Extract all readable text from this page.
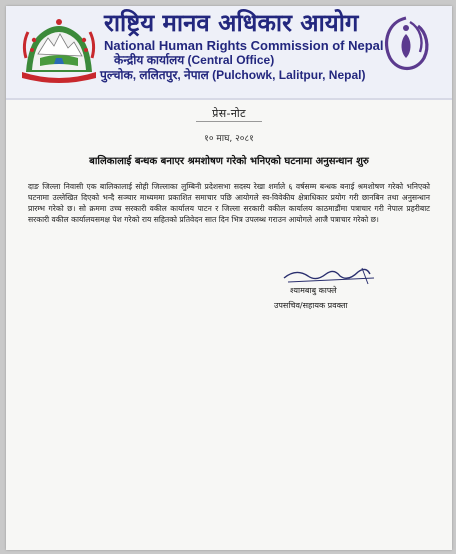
राष्ट्रिय मानव अधिकार आयोग
National Human Rights Commission of Nepal
केन्द्रीय कार्यालय (Central Office)
पुल्चोक, ललितपुर, नेपाल (Pulchowk, Lalitpur, Nepal)
प्रेस-नोट
१० माघ, २०८१
बालिकालाई बन्धक बनाएर श्रमशोषण गरेको भनिएको घटनामा अनुसन्धान शुरु
दाङ जिल्ला निवासी एक बालिकालाई सोही जिल्लाका लुम्बिनी प्रदेशसभा सदस्य रेखा शर्माले ६ वर्षसम्म बन्धक बनाई श्रमशोषण गरेको भनिएको घटनामा उल्लेखित दिएको भन्दै सञ्चार माध्यममा प्रकाशित समाचार पछि आयोगले स्व-विवेकीय क्षेत्राधिकार प्रयोग गरी छानबिन तथा अनुसन्धान प्रारम्भ गरेको छ। सो क्रममा उच्च सरकारी वकील कार्यालय पाटन र जिल्ला सरकारी वकील कार्यालय काठमाडौंमा पत्राचार गरी नेपाल प्रहरीबाट सरकारी वकील कार्यालयसमक्ष पेश गरेको राय सहितको प्रतिवेदन सात दिन भित्र उपलब्ध गराउन आयोगले आजै पत्राचार गरेको छ।
श्यामबाबु काफ्ले
उपसचिव/सहायक प्रवक्ता
